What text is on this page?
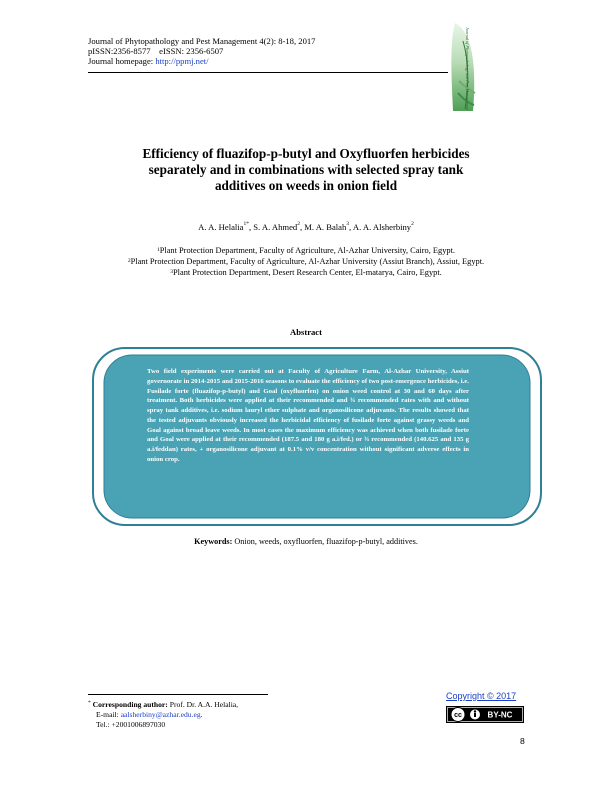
Journal of Phytopathology and Pest Management 4(2): 8-18, 2017
pISSN:2356-8577    eISSN: 2356-6507
Journal homepage: http://ppmj.net/	Journal of Phytopathology and Pest Management
Efficiency of fluazifop-p-butyl and Oxyfluorfen herbicides
separately and in combinations with selected spray tank
additives on weeds in onion field
A. A. Helalia$^{1*}$, S. A. Ahmed$^2$, M. A. Balah$^3$, A. A. Alsherbiny$^2$
$^1$Plant Protection Department, Faculty of Agriculture, Al-Azhar University, Cairo, Egypt.
$^2$Plant Protection Department, Faculty of Agriculture, Al-Azhar University (Assiut Branch), Assiut, Egypt.
$^3$Plant Protection Department, Desert Research Center, El-matarya, Cairo, Egypt.
Abstract
Two field experiments were carried out at Faculty of Agriculture Farm, Al-Azhar University, Assiut governorate in 2014-2015 and 2015-2016 seasons to evaluate the efficiency of two post-emergence herbicides, i.e. Fusilade forte (fluazifop-p-butyl) and Goal (oxyfluorfen) on onion weed control at 30 and 60 days after treatment. Both herbicides were applied at their recommended and ¾ recommended rates with and without spray tank additives, i.e. sodium lauryl ether sulphate and organosilicone adjuvants. The results showed that the tested adjuvants obviously increased the herbicidal efficiency of fusilade forte against grassy weeds and Goal against broad leave weeds. In most cases the maximum efficiency was achieved when both fusilade forte and Goal were applied at their recommended (187.5 and 180 g a.i/fed.) or ¾ recommended (140.625 and 135 g a.i/feddan) rates, + organosilicone adjuvant at 0.1% v/v concentration without significant adverse effects in onion crop.
Keywords: Onion, weeds, oxyfluorfen, fluazifop-p-butyl, additives.
* Corresponding author: Prof. Dr. A.A. Helalia,
E-mail: aalsherbiny@azhar.edu.eg.
Tel.: +2001006897030
Copyright © 2017
cc	BY-NC
8
